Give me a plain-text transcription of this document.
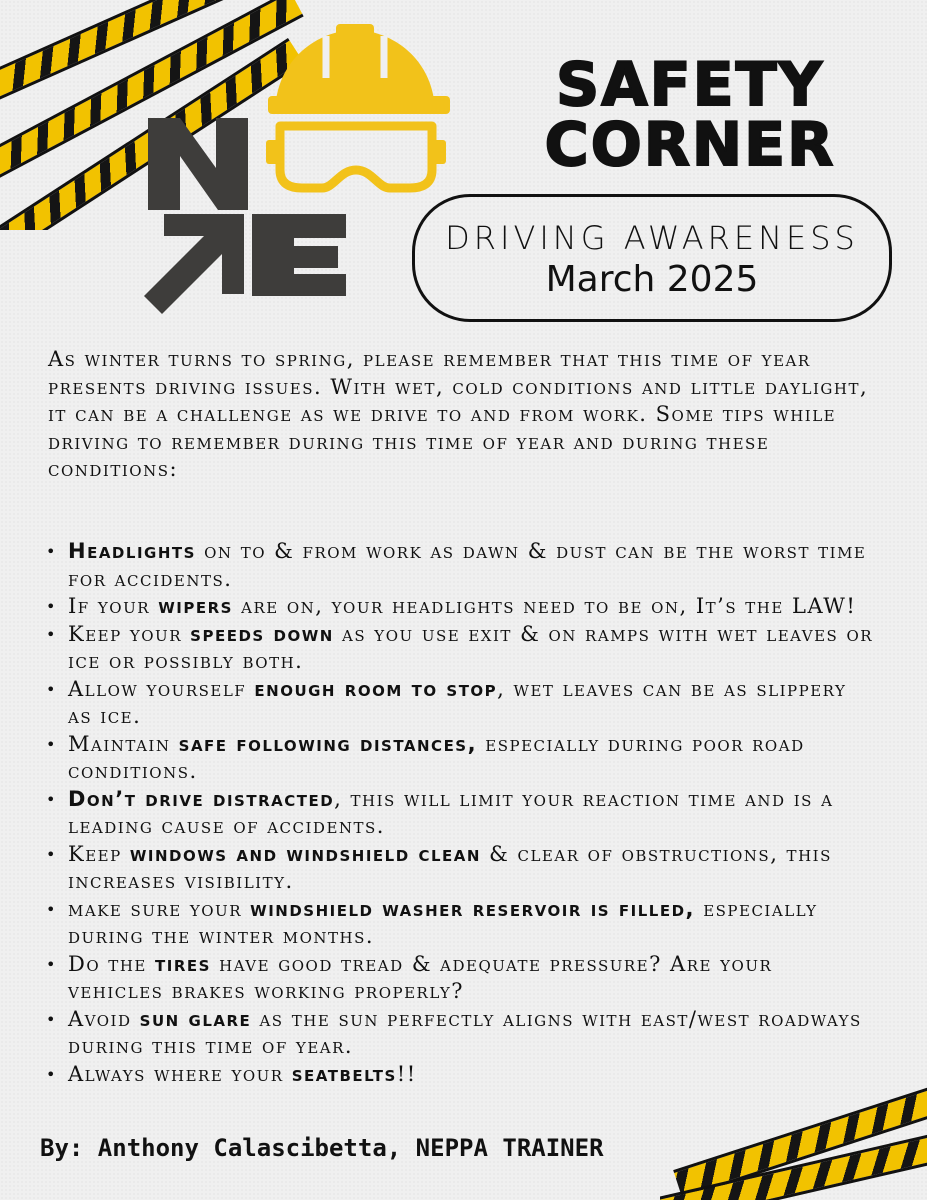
SAFETY
CORNER
DRIVING AWARENESS
March 2025

As winter turns to spring, please remember that this time of year presents driving issues. With wet, cold conditions and little daylight, it can be a challenge as we drive to and from work. Some tips while driving to remember during this time of year and during these conditions:

• Headlights on to & from work as dawn & dust can be the worst time for accidents.
• If your wipers are on, your headlights need to be on, It’s the LAW!
• Keep your speeds down as you use exit & on ramps with wet leaves or ice or possibly both.
• Allow yourself enough room to stop, wet leaves can be as slippery as ice.
• Maintain safe following distances, especially during poor road conditions.
• Don’t drive distracted, this will limit your reaction time and is a leading cause of accidents.
• Keep windows and windshield clean & clear of obstructions, this increases visibility.
• make sure your windshield washer reservoir is filled, especially during the winter months.
• Do the tires have good tread & adequate pressure? Are your vehicles brakes working properly?
• Avoid sun glare as the sun perfectly aligns with east/west roadways during this time of year.
• Always where your seatbelts!!
By: Anthony Calascibetta, NEPPA TRAINER
